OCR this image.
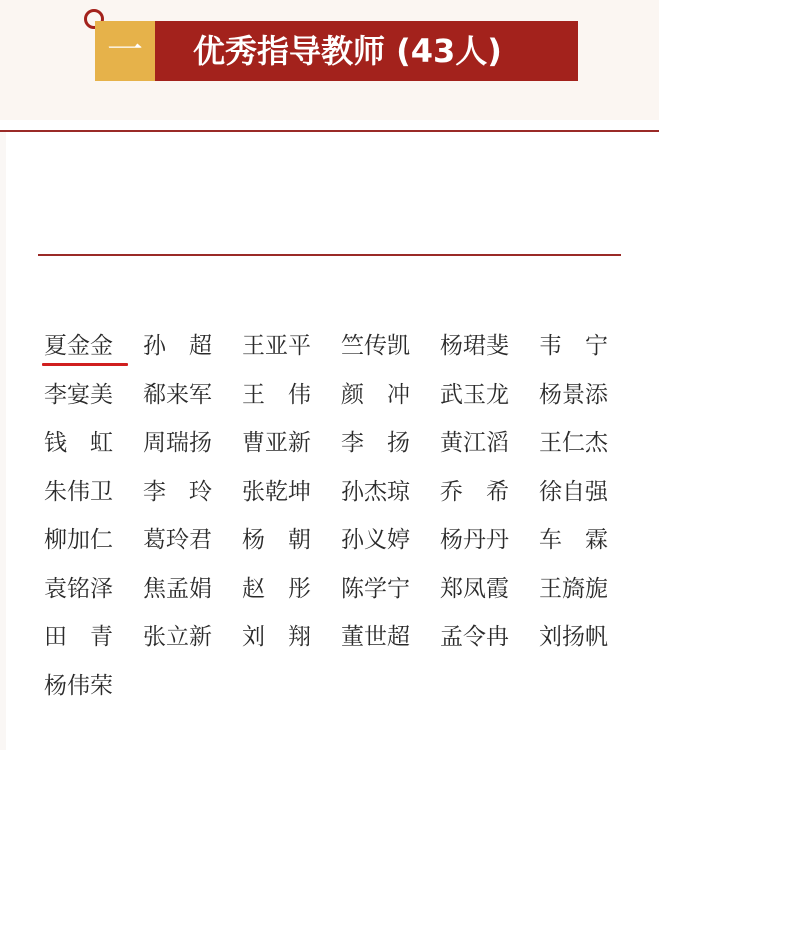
一	优秀指导教师 (43人)
夏金金	孙　超	王亚平	竺传凯	杨珺斐	韦　宁
李宴美	郗来军	王　伟	颜　冲	武玉龙	杨景添
钱　虹	周瑞扬	曹亚新	李　扬	黄江滔	王仁杰
朱伟卫	李　玲	张乾坤	孙杰琼	乔　希	徐自强
柳加仁	葛玲君	杨　朝	孙义婷	杨丹丹	车　霖
袁铭泽	焦孟娟	赵　彤	陈学宁	郑凤霞	王旖旎
田　青	张立新	刘　翔	董世超	孟令冉	刘扬帆
杨伟荣
